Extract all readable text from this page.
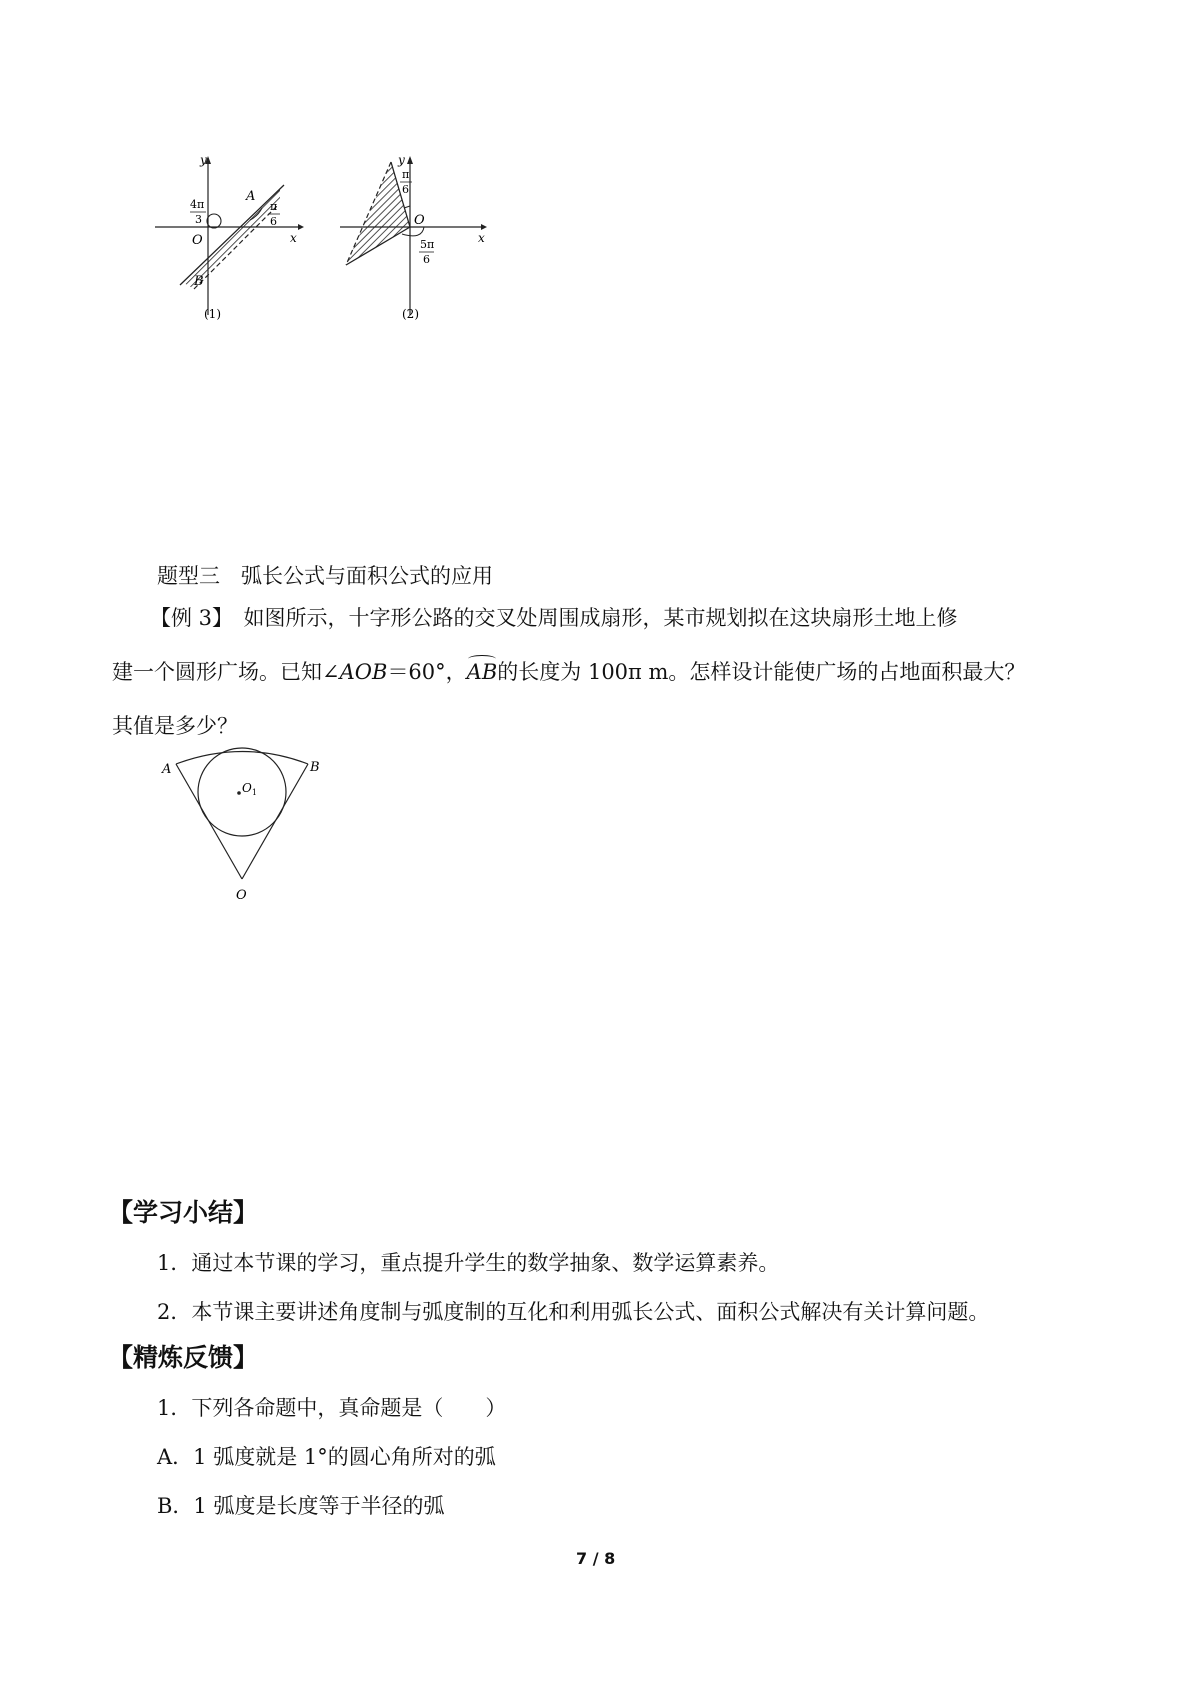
y
x
O
A
B
4π
3
π
6
(1)
y
x
O
π
6
5π
6
(2)
题型三　弧长公式与面积公式的应用
【例 3】　如图所示，十字形公路的交叉处周围成扇形，某市规划拟在这块扇形土地上修
建一个圆形广场。已知∠AOB＝60°，AB的长度为 100π m。怎样设计能使广场的占地面积最大？
其值是多少？
A	B
O
$O_1$
【学习小结】
1．通过本节课的学习，重点提升学生的数学抽象、数学运算素养。
2．本节课主要讲述角度制与弧度制的互化和利用弧长公式、面积公式解决有关计算问题。
【精炼反馈】
1．下列各命题中，真命题是（　　）
A．1 弧度就是 1°的圆心角所对的弧
B．1 弧度是长度等于半径的弧
7 / 8
